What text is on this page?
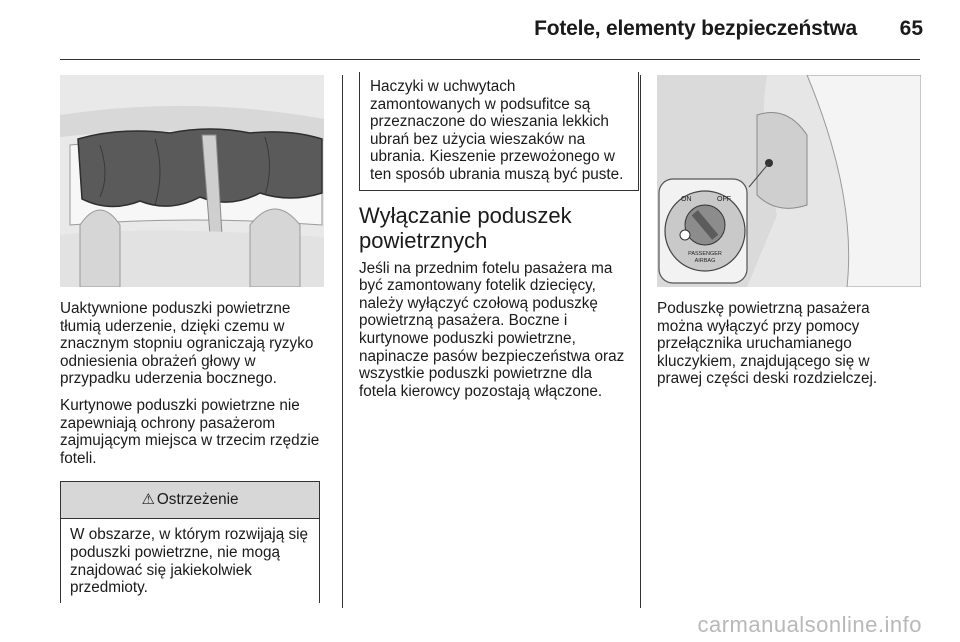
Fotele, elementy bezpieczeństwa 65

Uaktywnione poduszki powietrzne tłumią uderzenie, dzięki czemu w znacznym stopniu ograniczają ryzyko odniesienia obrażeń głowy w przypadku uderzenia bocznego.

Kurtynowe poduszki powietrzne nie zapewniają ochrony pasażerom zajmującym miejsca w trzecim rzędzie foteli.

⚠ Ostrzeżenie
W obszarze, w którym rozwijają się poduszki powietrzne, nie mogą znajdować się jakiekolwiek przedmioty.
Haczyki w uchwytach zamontowanych w podsufitce są przeznaczone do wieszania lekkich ubrań bez użycia wieszaków na ubrania. Kieszenie przewożonego w ten sposób ubrania muszą być puste.
Wyłączanie poduszek powietrznych

Jeśli na przednim fotelu pasażera ma być zamontowany fotelik dziecięcy, należy wyłączyć czołową poduszkę powietrzną pasażera. Boczne i kurtynowe poduszki powietrzne, napinacze pasów bezpieczeństwa oraz wszystkie poduszki powietrzne dla fotela kierowcy pozostają włączone.

ON	OFF
PASSENGER
AIRBAG

Poduszkę powietrzną pasażera można wyłączyć przy pomocy przełącznika uruchamianego kluczykiem, znajdującego się w prawej części deski rozdzielczej.

carmanualsonline.info
